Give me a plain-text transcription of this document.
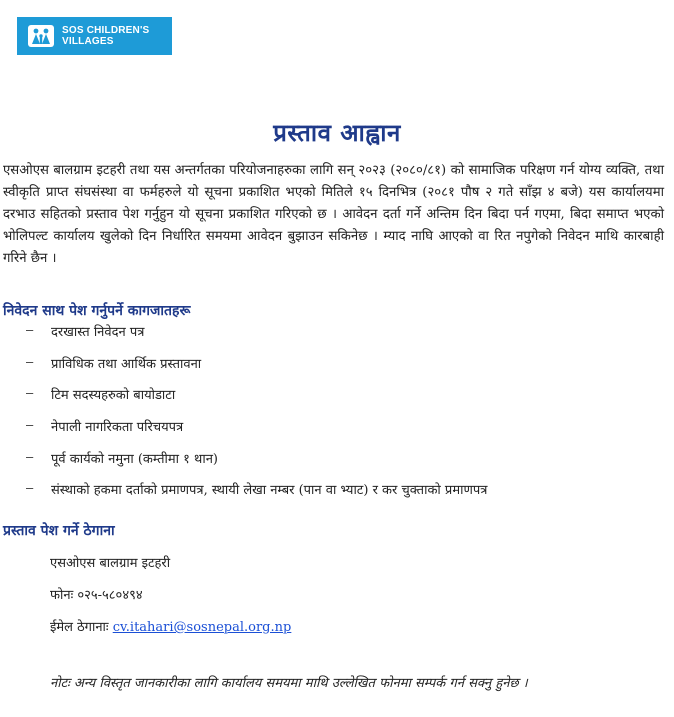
SOS CHILDREN'S
VILLAGES
प्रस्ताव आह्वान
एसओएस बालग्राम इटहरी तथा यस अन्तर्गतका परियोजनाहरुका लागि सन् २०२३ (२०८०/८१) को सामाजिक परिक्षण गर्न योग्य व्यक्ति, तथा स्वीकृति प्राप्त संघसंस्था वा फर्महरुले यो सूचना प्रकाशित भएको मितिले १५ दिनभित्र (२०८१ पौष २ गते साँझ ४ बजे) यस कार्यालयमा दरभाउ सहितको प्रस्ताव पेश गर्नुहुन यो सूचना प्रकाशित गरिएको छ । आवेदन दर्ता गर्ने अन्तिम दिन बिदा पर्न गएमा, बिदा समाप्त भएको भोलिपल्ट कार्यालय खुलेको दिन निर्धारित समयमा आवेदन बुझाउन सकिनेछ । म्याद नाघि आएको वा रित नपुगेको निवेदन माथि कारबाही गरिने छैन ।
निवेदन साथ पेश गर्नुपर्ने कागजातहरू
–	दरखास्त निवेदन पत्र
–	प्राविधिक तथा आर्थिक प्रस्तावना
–	टिम सदस्यहरुको बायोडाटा
–	नेपाली नागरिकता परिचयपत्र
–	पूर्व कार्यको नमुना (कम्तीमा १ थान)
–	संस्थाको हकमा दर्ताको प्रमाणपत्र, स्थायी लेखा नम्बर (पान वा भ्याट) र कर चुक्ताको प्रमाणपत्र
प्रस्ताव पेश गर्ने ठेगाना
एसओएस बालग्राम इटहरी
फोनः ०२५-५८०४९४
ईमेल ठेगानाः cv.itahari@sosnepal.org.np
नोटः अन्य विस्तृत जानकारीका लागि कार्यालय समयमा माथि उल्लेखित फोनमा सम्पर्क गर्न सक्नु हुनेछ ।
